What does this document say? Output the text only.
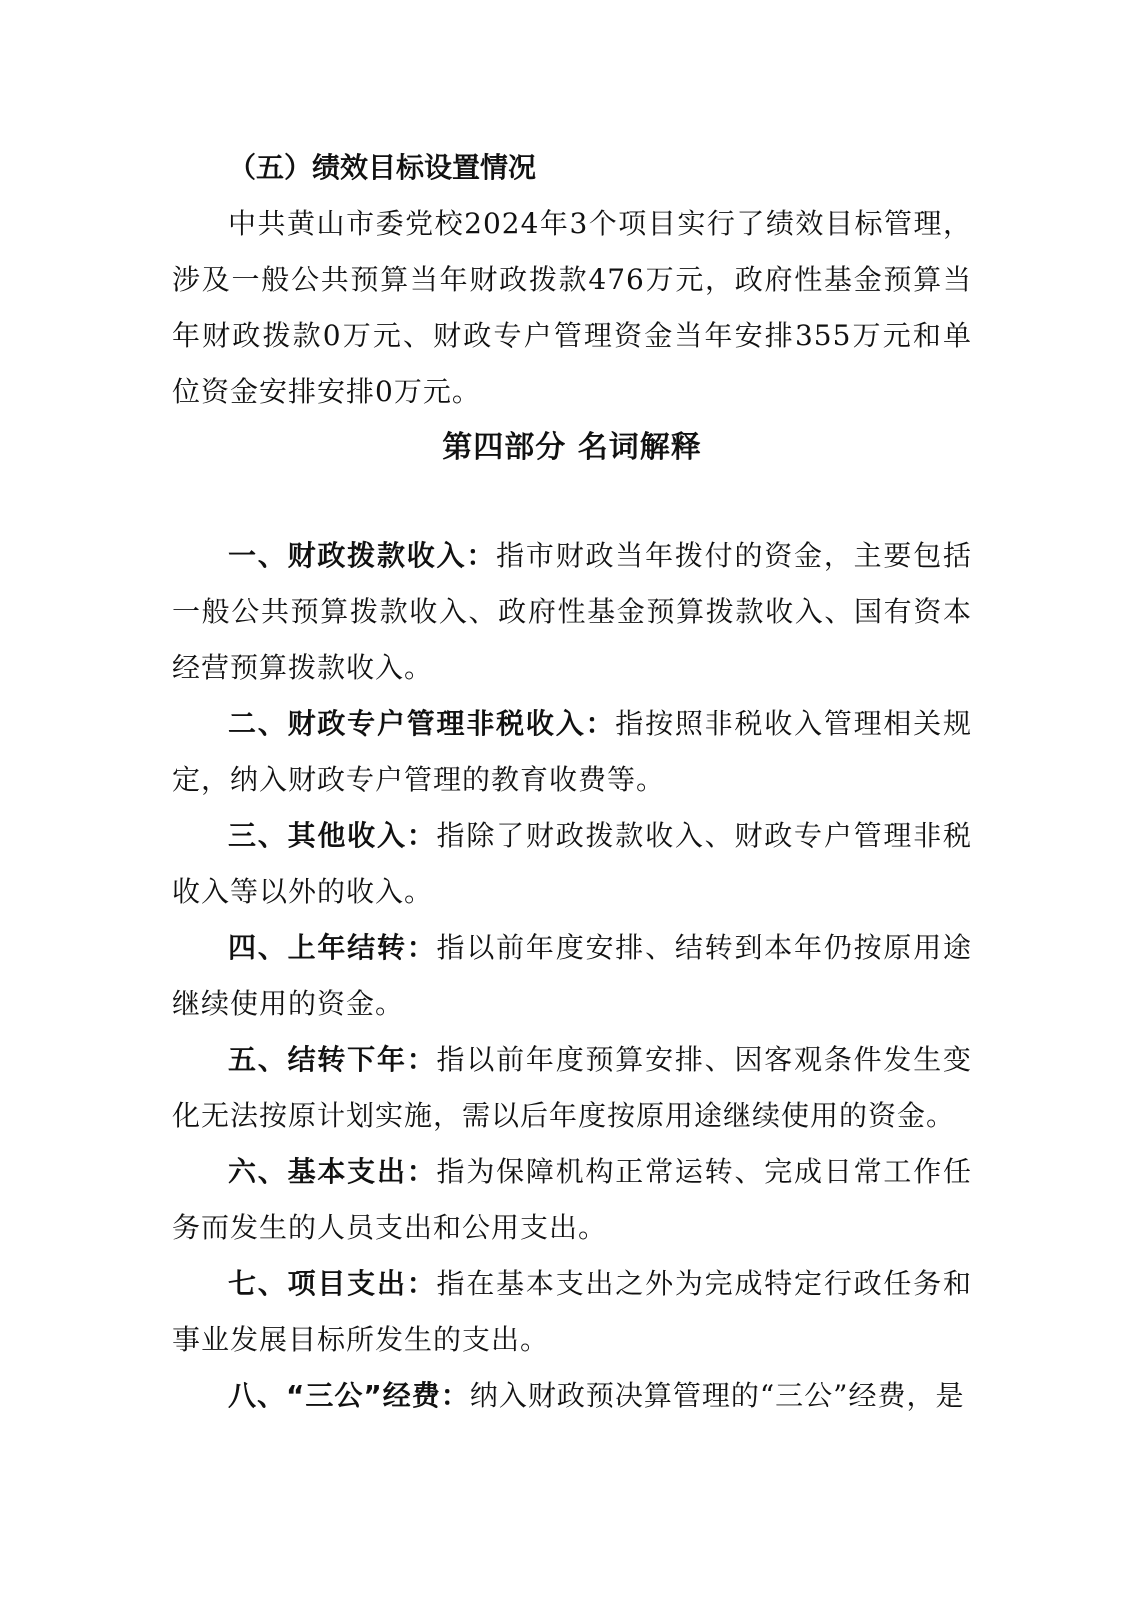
（五）绩效目标设置情况

中共黄山市委党校2024年3个项目实行了绩效目标管理，涉及一般公共预算当年财政拨款476万元，政府性基金预算当年财政拨款0万元、财政专户管理资金当年安排355万元和单位资金安排安排0万元。

第四部分 名词解释

一、财政拨款收入：指市财政当年拨付的资金，主要包括一般公共预算拨款收入、政府性基金预算拨款收入、国有资本经营预算拨款收入。

二、财政专户管理非税收入：指按照非税收入管理相关规定，纳入财政专户管理的教育收费等。

三、其他收入：指除了财政拨款收入、财政专户管理非税收入等以外的收入。

四、上年结转：指以前年度安排、结转到本年仍按原用途继续使用的资金。

五、结转下年：指以前年度预算安排、因客观条件发生变化无法按原计划实施，需以后年度按原用途继续使用的资金。

六、基本支出：指为保障机构正常运转、完成日常工作任务而发生的人员支出和公用支出。

七、项目支出：指在基本支出之外为完成特定行政任务和事业发展目标所发生的支出。

八、“三公”经费：纳入财政预决算管理的“三公”经费，是
